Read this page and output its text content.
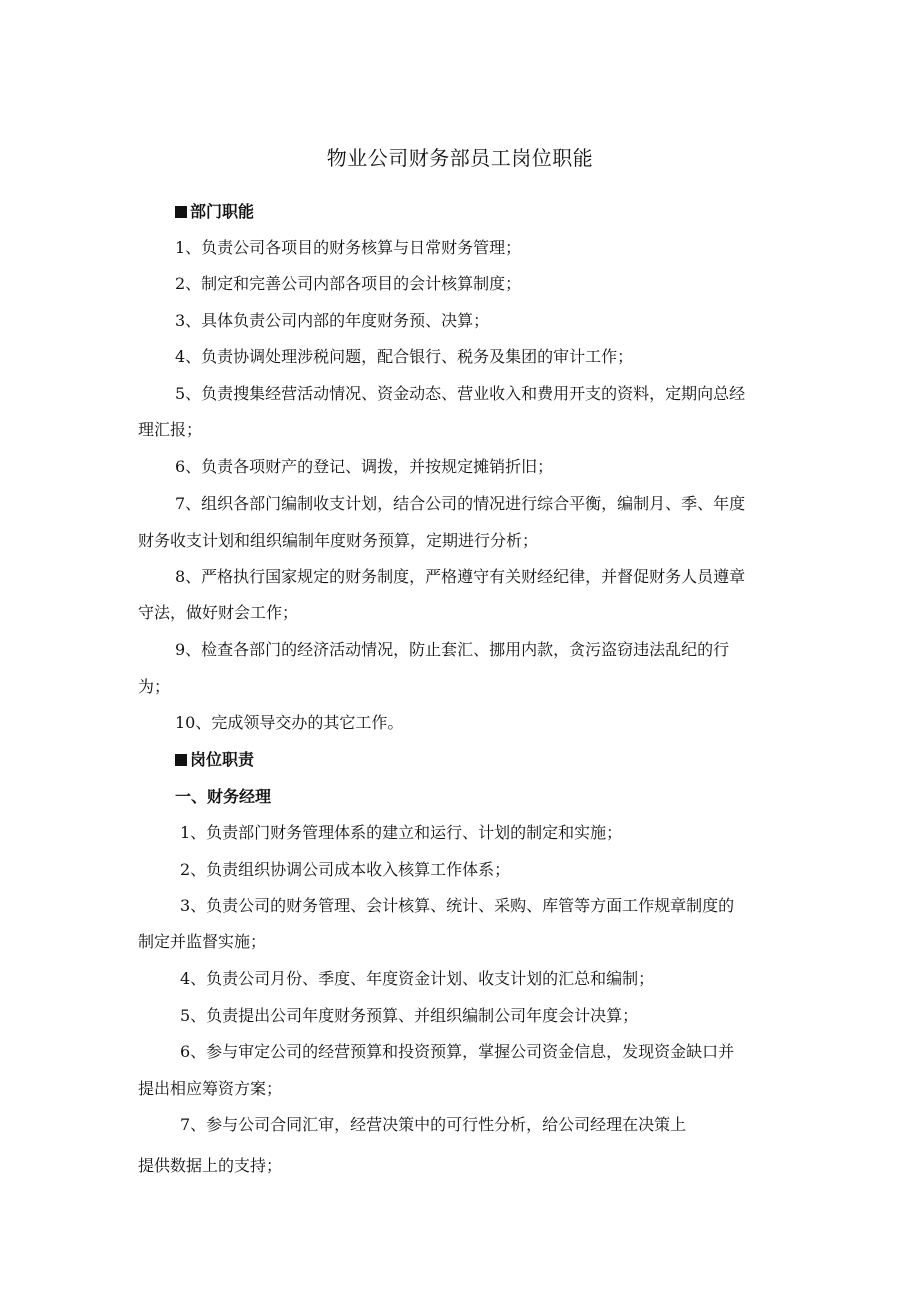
物业公司财务部员工岗位职能
部门职能
1、负责公司各项目的财务核算与日常财务管理；
2、制定和完善公司内部各项目的会计核算制度；
3、具体负责公司内部的年度财务预、决算；
4、负责协调处理涉税问题，配合银行、税务及集团的审计工作；
5、负责搜集经营活动情况、资金动态、营业收入和费用开支的资料，定期向总经
理汇报；
6、负责各项财产的登记、调拨，并按规定摊销折旧；
7、组织各部门编制收支计划，结合公司的情况进行综合平衡，编制月、季、年度
财务收支计划和组织编制年度财务预算，定期进行分析；
8、严格执行国家规定的财务制度，严格遵守有关财经纪律，并督促财务人员遵章
守法，做好财会工作；
9、检查各部门的经济活动情况，防止套汇、挪用内款，贪污盗窃违法乱纪的行
为；
10、完成领导交办的其它工作。
岗位职责
一、财务经理
1、负责部门财务管理体系的建立和运行、计划的制定和实施；
2、负责组织协调公司成本收入核算工作体系；
3、负责公司的财务管理、会计核算、统计、采购、库管等方面工作规章制度的
制定并监督实施；
4、负责公司月份、季度、年度资金计划、收支计划的汇总和编制；
5、负责提出公司年度财务预算、并组织编制公司年度会计决算；
6、参与审定公司的经营预算和投资预算，掌握公司资金信息，发现资金缺口并
提出相应筹资方案；
7、参与公司合同汇审，经营决策中的可行性分析，给公司经理在决策上
提供数据上的支持；
